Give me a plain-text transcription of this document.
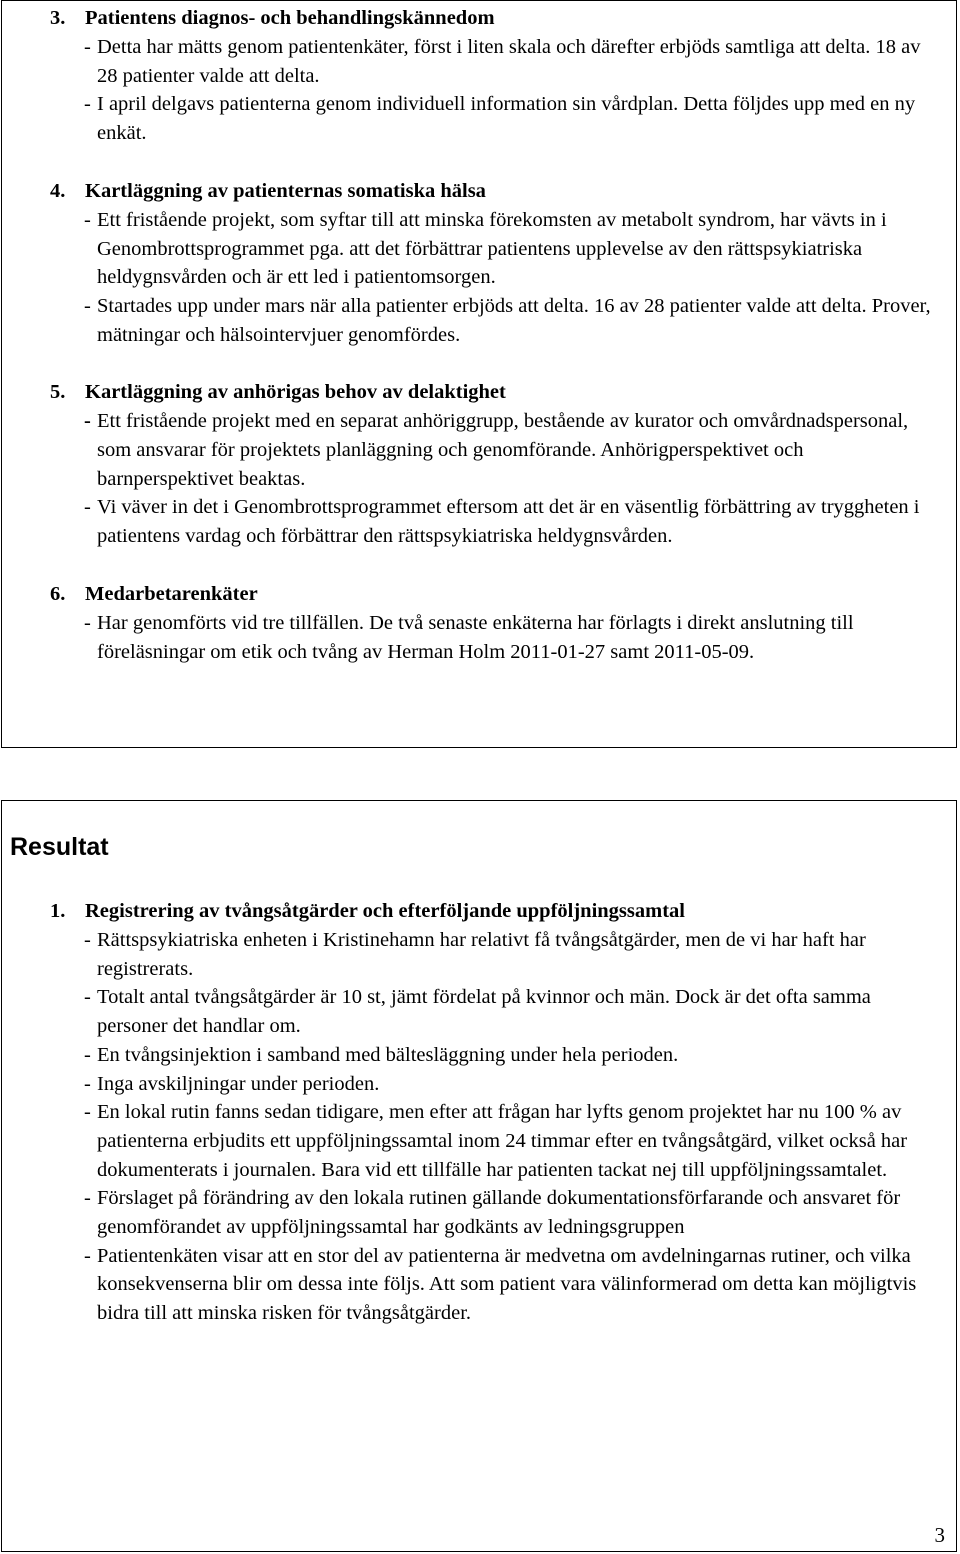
3. Patientens diagnos- och behandlingskännedom

- Detta har mätts genom patientenkäter, först i liten skala och därefter erbjöds samtliga att delta. 18 av 28 patienter valde att delta.

- I april delgavs patienterna genom individuell information sin vårdplan. Detta följdes upp med en ny enkät.

4. Kartläggning av patienternas somatiska hälsa

- Ett fristående projekt, som syftar till att minska förekomsten av metabolt syndrom, har vävts in i Genombrottsprogrammet pga. att det förbättrar patientens upplevelse av den rättspsykiatriska heldygnsvården och är ett led i patientomsorgen.

- Startades upp under mars när alla patienter erbjöds att delta. 16 av 28 patienter valde att delta. Prover, mätningar och hälsointervjuer genomfördes.

5. Kartläggning av anhörigas behov av delaktighet

- Ett fristående projekt med en separat anhöriggrupp, bestående av kurator och omvårdnadspersonal, som ansvarar för projektets planläggning och genomförande. Anhörigperspektivet och barnperspektivet beaktas.

- Vi väver in det i Genombrottsprogrammet eftersom att det är en väsentlig förbättring av tryggheten i patientens vardag och förbättrar den rättspsykiatriska heldygnsvården.

6. Medarbetarenkäter

- Har genomförts vid tre tillfällen. De två senaste enkäterna har förlagts i direkt anslutning till föreläsningar om etik och tvång av Herman Holm 2011-01-27 samt 2011-05-09.

Resultat

1. Registrering av tvångsåtgärder och efterföljande uppföljningssamtal

- Rättspsykiatriska enheten i Kristinehamn har relativt få tvångsåtgärder, men de vi har haft har registrerats.

- Totalt antal tvångsåtgärder är 10 st, jämt fördelat på kvinnor och män. Dock är det ofta samma personer det handlar om.

- En tvångsinjektion i samband med bältesläggning under hela perioden.

- Inga avskiljningar under perioden.

- En lokal rutin fanns sedan tidigare, men efter att frågan har lyfts genom projektet har nu 100 % av patienterna erbjudits ett uppföljningssamtal inom 24 timmar efter en tvångsåtgärd, vilket också har dokumenterats i journalen. Bara vid ett tillfälle har patienten tackat nej till uppföljningssamtalet.

- Förslaget på förändring av den lokala rutinen gällande dokumentationsförfarande och ansvaret för genomförandet av uppföljningssamtal har godkänts av ledningsgruppen

- Patientenkäten visar att en stor del av patienterna är medvetna om avdelningarnas rutiner, och vilka konsekvenserna blir om dessa inte följs. Att som patient vara välinformerad om detta kan möjligtvis bidra till att minska risken för tvångsåtgärder.

3
